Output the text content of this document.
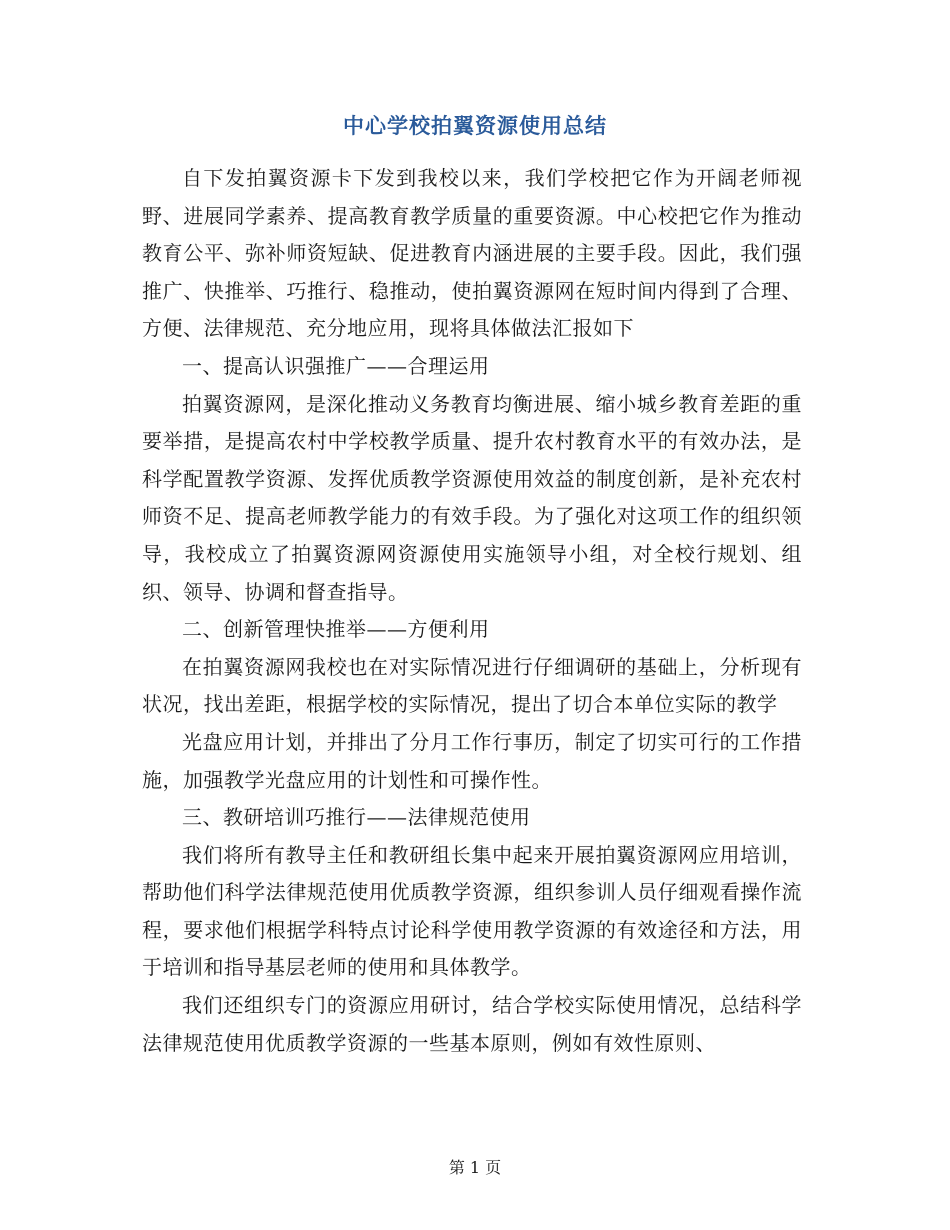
中心学校拍翼资源使用总结

自下发拍翼资源卡下发到我校以来，我们学校把它作为开阔老师视野、进展同学素养、提高教育教学质量的重要资源。中心校把它作为推动教育公平、弥补师资短缺、促进教育内涵进展的主要手段。因此，我们强推广、快推举、巧推行、稳推动，使拍翼资源网在短时间内得到了合理、方便、法律规范、充分地应用，现将具体做法汇报如下

一、提高认识强推广——合理运用

拍翼资源网，是深化推动义务教育均衡进展、缩小城乡教育差距的重要举措，是提高农村中学校教学质量、提升农村教育水平的有效办法，是科学配置教学资源、发挥优质教学资源使用效益的制度创新，是补充农村师资不足、提高老师教学能力的有效手段。为了强化对这项工作的组织领导，我校成立了拍翼资源网资源使用实施领导小组，对全校行规划、组织、领导、协调和督查指导。

二、创新管理快推举——方便利用

在拍翼资源网我校也在对实际情况进行仔细调研的基础上，分析现有状况，找出差距，根据学校的实际情况，提出了切合本单位实际的教学

光盘应用计划，并排出了分月工作行事历，制定了切实可行的工作措施，加强教学光盘应用的计划性和可操作性。

三、教研培训巧推行——法律规范使用

我们将所有教导主任和教研组长集中起来开展拍翼资源网应用培训，帮助他们科学法律规范使用优质教学资源，组织参训人员仔细观看操作流程，要求他们根据学科特点讨论科学使用教学资源的有效途径和方法，用于培训和指导基层老师的使用和具体教学。

我们还组织专门的资源应用研讨，结合学校实际使用情况，总结科学法律规范使用优质教学资源的一些基本原则，例如有效性原则、

第 1 页
